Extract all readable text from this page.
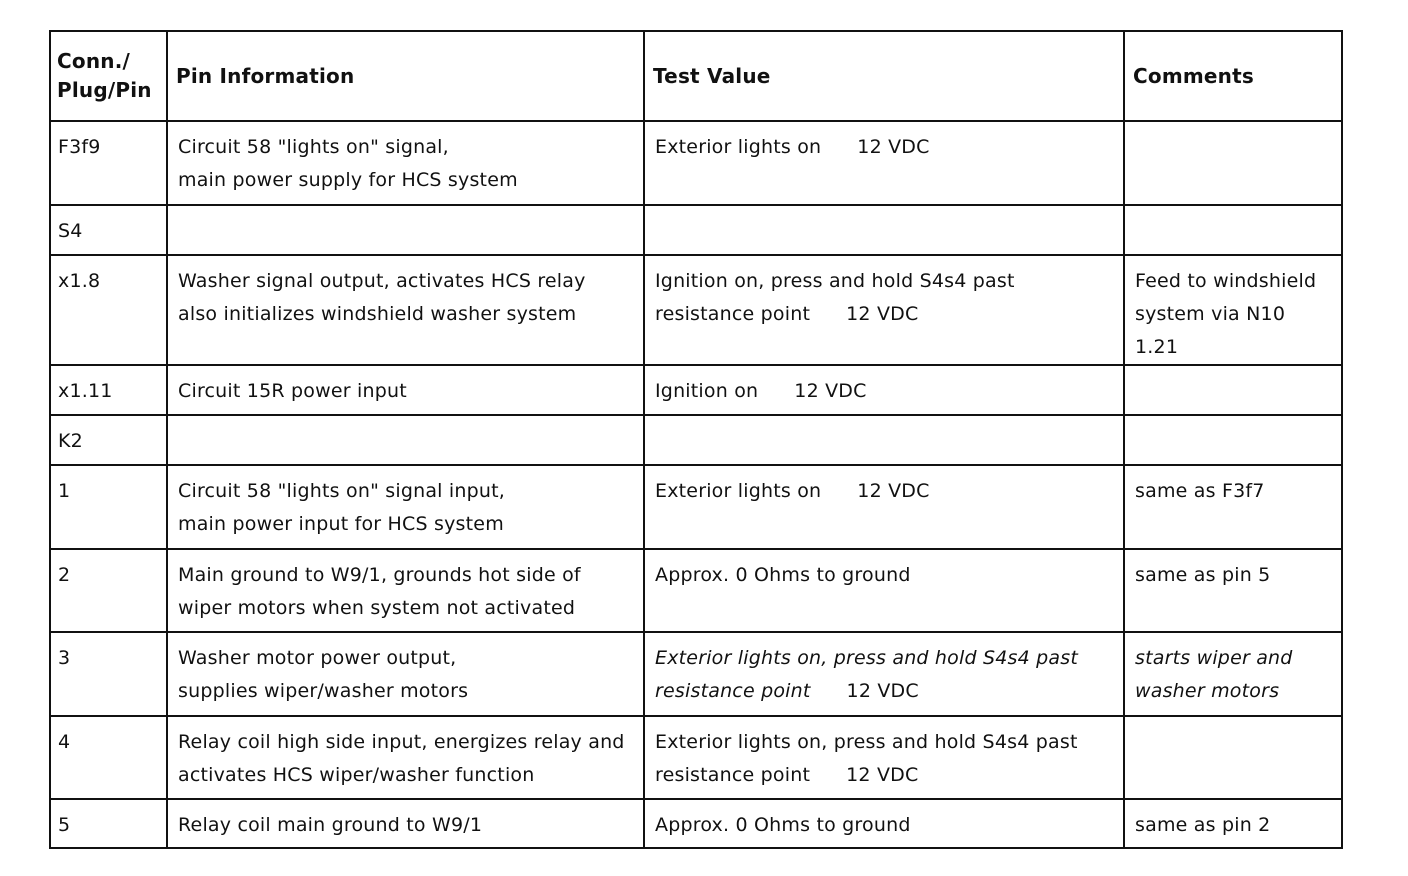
Conn./
Plug/Pin	Pin Information	Test Value	Comments

F3f9	Circuit 58 "lights on" signal,
main power supply for HCS system	Exterior lights on 12 VDC	

S4			

x1.8	Washer signal output, activates HCS relay
also initializes windshield washer system	Ignition on, press and hold S4s4 past
resistance point 12 VDC	Feed to windshield
system via N10 1.21

x1.11	Circuit 15R power input	Ignition on 12 VDC	

K2			

1	Circuit 58 "lights on" signal input,
main power input for HCS system	Exterior lights on 12 VDC	same as F3f7

2	Main ground to W9/1, grounds hot side of
wiper motors when system not activated	Approx. 0 Ohms to ground	same as pin 5

3	Washer motor power output,
supplies wiper/washer motors	Exterior lights on, press and hold S4s4 past
resistance point 12 VDC	starts wiper and
washer motors

4	Relay coil high side input, energizes relay and
activates HCS wiper/washer function	Exterior lights on, press and hold S4s4 past
resistance point 12 VDC	

5	Relay coil main ground to W9/1	Approx. 0 Ohms to ground	same as pin 2
